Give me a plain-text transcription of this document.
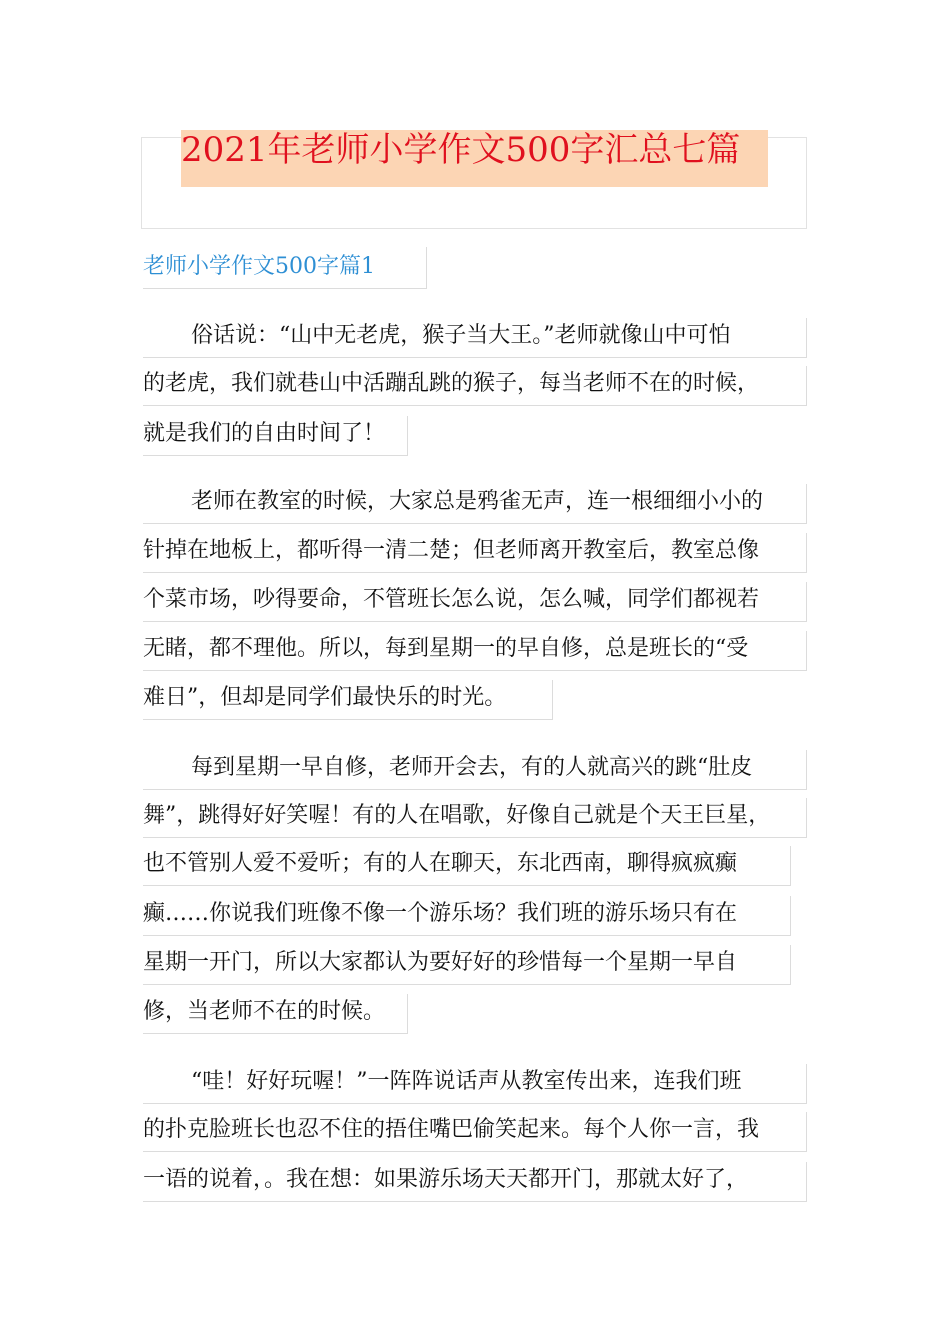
2021年老师小学作文500字汇总七篇
老师小学作文500字篇1
俗话说：“山中无老虎，猴子当大王。”老师就像山中可怕
的老虎，我们就巷山中活蹦乱跳的猴子，每当老师不在的时候，
就是我们的自由时间了！
老师在教室的时候，大家总是鸦雀无声，连一根细细小小的
针掉在地板上，都听得一清二楚；但老师离开教室后，教室总像
个菜市场，吵得要命，不管班长怎么说，怎么喊，同学们都视若
无睹，都不理他。所以，每到星期一的早自修，总是班长的“受
难日”，但却是同学们最快乐的时光。
每到星期一早自修，老师开会去，有的人就高兴的跳“肚皮
舞”，跳得好好笑喔！有的人在唱歌，好像自己就是个天王巨星，
也不管别人爱不爱听；有的人在聊天，东北西南，聊得疯疯癫
癫……你说我们班像不像一个游乐场？我们班的游乐场只有在
星期一开门，所以大家都认为要好好的珍惜每一个星期一早自
修，当老师不在的时候。
“哇！好好玩喔！”一阵阵说话声从教室传出来，连我们班
的扑克脸班长也忍不住的捂住嘴巴偷笑起来。每个人你一言，我
一语的说着，。我在想：如果游乐场天天都开门，那就太好了，
